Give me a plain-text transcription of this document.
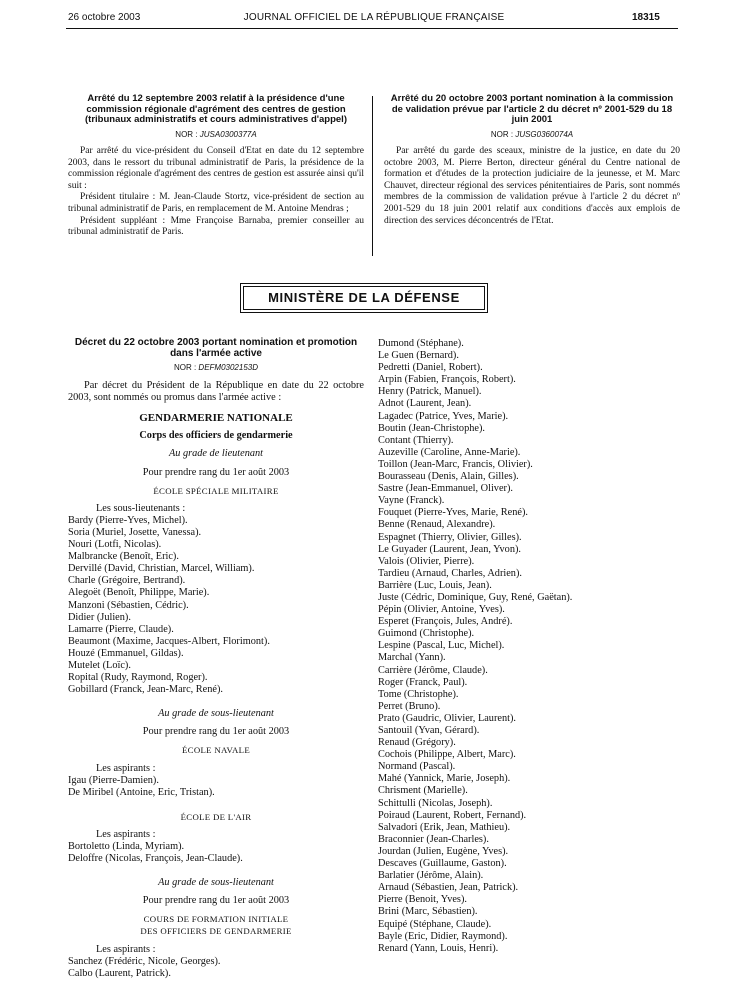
26 octobre 2003	JOURNAL OFFICIEL DE LA RÉPUBLIQUE FRANÇAISE	18315

Arrêté du 12 septembre 2003 relatif à la présidence d'une commission régionale d'agrément des centres de gestion (tribunaux administratifs et cours administratives d'appel)

NOR : JUSA0300377A

Par arrêté du vice-président du Conseil d'Etat en date du 12 septembre 2003, dans le ressort du tribunal administratif de Paris, la présidence de la commission régionale d'agrément des centres de gestion est assurée ainsi qu'il suit :

Président titulaire : M. Jean-Claude Stortz, vice-président de section au tribunal administratif de Paris, en remplacement de M. Antoine Mendras ;

Président suppléant : Mme Françoise Barnaba, premier conseiller au tribunal administratif de Paris.

Arrêté du 20 octobre 2003 portant nomination à la commission de validation prévue par l'article 2 du décret nº 2001-529 du 18 juin 2001

NOR : JUSG0360074A

Par arrêté du garde des sceaux, ministre de la justice, en date du 20 octobre 2003, M. Pierre Berton, directeur général du Centre national de formation et d'études de la protection judiciaire de la jeunesse, et M. Marc Chauvet, directeur régional des services pénitentiaires de Paris, sont nommés membres de la commission de validation prévue à l'article 2 du décret nº 2001-529 du 18 juin 2001 relatif aux conditions d'accès aux emplois de direction des services déconcentrés de l'Etat.

MINISTÈRE DE LA DÉFENSE

Décret du 22 octobre 2003 portant nomination et promotion dans l'armée active

NOR : DEFM0302153D

Par décret du Président de la République en date du 22 octobre 2003, sont nommés ou promus dans l'armée active :

GENDARMERIE NATIONALE

Corps des officiers de gendarmerie

Au grade de lieutenant

Pour prendre rang du 1er août 2003

ÉCOLE SPÉCIALE MILITAIRE

Les sous-lieutenants :

Bardy (Pierre-Yves, Michel).

Soria (Muriel, Josette, Vanessa).

Nouri (Lotfi, Nicolas).

Malbrancke (Benoît, Eric).

Dervillé (David, Christian, Marcel, William).

Charle (Grégoire, Bertrand).

Alegoët (Benoît, Philippe, Marie).

Manzoni (Sébastien, Cédric).

Didier (Julien).

Lamarre (Pierre, Claude).

Beaumont (Maxime, Jacques-Albert, Florimont).

Houzé (Emmanuel, Gildas).

Mutelet (Loïc).

Ropital (Rudy, Raymond, Roger).

Gobillard (Franck, Jean-Marc, René).

Au grade de sous-lieutenant

Pour prendre rang du 1er août 2003

ÉCOLE NAVALE

Les aspirants :

Igau (Pierre-Damien).

De Miribel (Antoine, Eric, Tristan).

ÉCOLE DE L'AIR

Les aspirants :

Bortoletto (Linda, Myriam).

Deloffre (Nicolas, François, Jean-Claude).

Au grade de sous-lieutenant

Pour prendre rang du 1er août 2003

COURS DE FORMATION INITIALE

DES OFFICIERS DE GENDARMERIE

Les aspirants :

Sanchez (Frédéric, Nicole, Georges).

Calbo (Laurent, Patrick).

Dumond (Stéphane).

Le Guen (Bernard).

Pedretti (Daniel, Robert).

Arpin (Fabien, François, Robert).

Henry (Patrick, Manuel).

Adnot (Laurent, Jean).

Lagadec (Patrice, Yves, Marie).

Boutin (Jean-Christophe).

Contant (Thierry).

Auzeville (Caroline, Anne-Marie).

Toillon (Jean-Marc, Francis, Olivier).

Bourasseau (Denis, Alain, Gilles).

Sastre (Jean-Emmanuel, Oliver).

Vayne (Franck).

Fouquet (Pierre-Yves, Marie, René).

Benne (Renaud, Alexandre).

Espagnet (Thierry, Olivier, Gilles).

Le Guyader (Laurent, Jean, Yvon).

Valois (Olivier, Pierre).

Tardieu (Arnaud, Charles, Adrien).

Barrière (Luc, Louis, Jean).

Juste (Cédric, Dominique, Guy, René, Gaëtan).

Pépin (Olivier, Antoine, Yves).

Esperet (François, Jules, André).

Guimond (Christophe).

Lespine (Pascal, Luc, Michel).

Marchal (Yann).

Carrière (Jérôme, Claude).

Roger (Franck, Paul).

Tome (Christophe).

Perret (Bruno).

Prato (Gaudric, Olivier, Laurent).

Santouil (Yvan, Gérard).

Renaud (Grégory).

Cochois (Philippe, Albert, Marc).

Normand (Pascal).

Mahé (Yannick, Marie, Joseph).

Chrisment (Marielle).

Schittulli (Nicolas, Joseph).

Poiraud (Laurent, Robert, Fernand).

Salvadori (Erik, Jean, Mathieu).

Braconnier (Jean-Charles).

Jourdan (Julien, Eugène, Yves).

Descaves (Guillaume, Gaston).

Barlatier (Jérôme, Alain).

Arnaud (Sébastien, Jean, Patrick).

Pierre (Benoit, Yves).

Brini (Marc, Sébastien).

Equipé (Stéphane, Claude).

Bayle (Eric, Didier, Raymond).

Renard (Yann, Louis, Henri).
